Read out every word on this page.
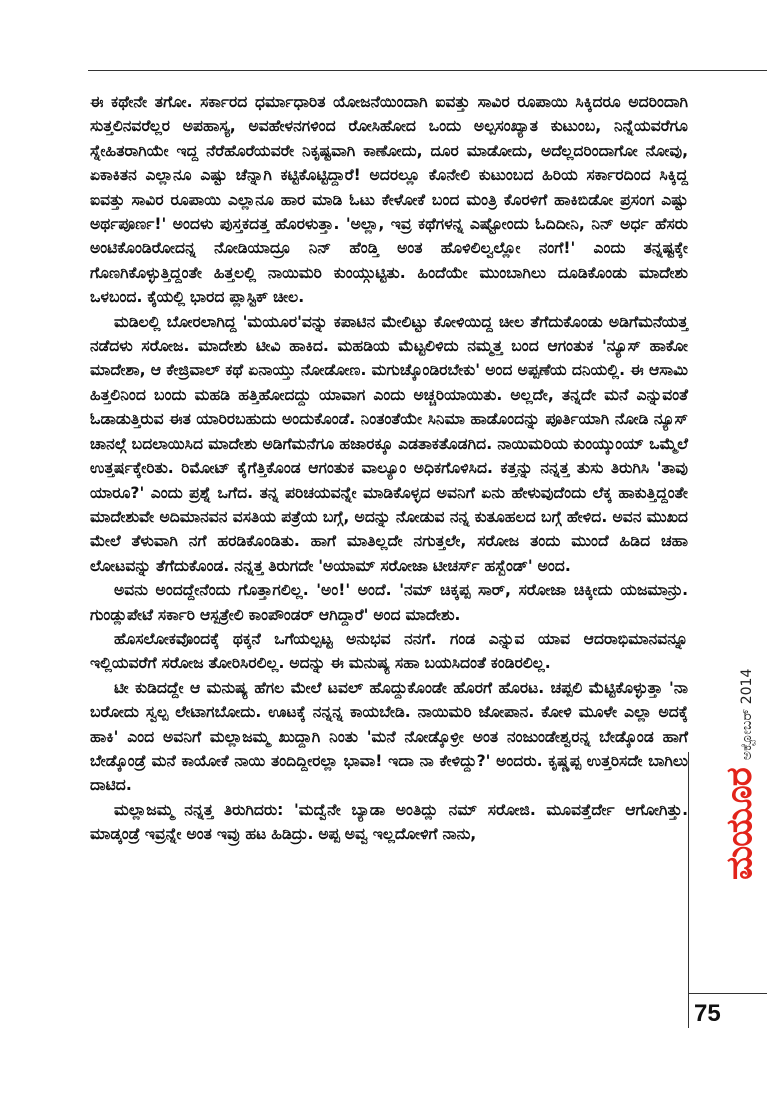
ಈ ಕಥೇನೇ ತಗೋ. ಸರ್ಕಾರದ ಧರ್ಮಾಧಾರಿತ ಯೋಜನೆಯಿಂದಾಗಿ ಐವತ್ತು ಸಾವಿರ ರೂಪಾಯಿ ಸಿಕ್ಕಿದರೂ ಅದರಿಂದಾಗಿ ಸುತ್ತಲಿನವರೆಲ್ಲರ ಅಪಹಾಸ್ಯ, ಅವಹೇಳನಗಳಿಂದ ರೋಸಿಹೋದ ಒಂದು ಅಲ್ಪಸಂಖ್ಯಾತ ಕುಟುಂಬ, ನಿನ್ನೆಯವರೆಗೂ ಸ್ನೇಹಿತರಾಗಿಯೇ ಇದ್ದ ನೆರೆಹೊರೆಯವರೇ ನಿಕೃಷ್ಟವಾಗಿ ಕಾಣೋದು, ದೂರ ಮಾಡೋದು, ಅದೆಲ್ಲದರಿಂದಾಗೋ ನೋವು, ಏಕಾಕಿತನ ಎಲ್ಲಾನೂ ಎಷ್ಟು ಚೆನ್ನಾಗಿ ಕಟ್ಟಿಕೊಟ್ಟಿದ್ದಾರೆ! ಅದರಲ್ಲೂ ಕೊನೇಲಿ ಕುಟುಂಬದ ಹಿರಿಯ ಸರ್ಕಾರದಿಂದ ಸಿಕ್ಕಿದ್ದ ಐವತ್ತು ಸಾವಿರ ರೂಪಾಯಿ ಎಲ್ಲಾನೂ ಹಾರ ಮಾಡಿ ಓಟು ಕೇಳೋಕೆ ಬಂದ ಮಂತ್ರಿ ಕೊರಳಿಗೆ ಹಾಕಿಬಿಡೋ ಪ್ರಸಂಗ ಎಷ್ಟು ಅರ್ಥಪೂರ್ಣ!' ಅಂದಳು ಪುಸ್ತಕದತ್ತ ಹೊರಳುತ್ತಾ. 'ಅಲ್ಲಾ, ಇವ್ರ ಕಥೆಗಳನ್ನ ಎಷ್ಟೋಂದು ಓದಿದೀನಿ, ನಿನ್ ಅರ್ಧ ಹೆಸರು ಅಂಟಿಕೊಂಡಿರೋದನ್ನ ನೋಡಿಯಾದ್ರೂ ನಿನ್ ಹೆಂಡ್ತಿ ಅಂತ ಹೊಳಿಲಿಲ್ವಲ್ಲೋ ನಂಗೆ!' ಎಂದು ತನ್ನಷ್ಟಕ್ಕೇ ಗೊಣಗಿಕೊಳ್ಳುತ್ತಿದ್ದಂತೇ ಹಿತ್ತಲಲ್ಲಿ ನಾಯಿಮರಿ ಕುಂಯ್ಗುಟ್ಟಿತು. ಹಿಂದೆಯೇ ಮುಂಬಾಗಿಲು ದೂಡಿಕೊಂಡು ಮಾದೇಶು ಒಳಬಂದ. ಕೈಯಲ್ಲಿ ಭಾರದ ಪ್ಲಾಸ್ಟಿಕ್ ಚೀಲ.

ಮಡಿಲಲ್ಲಿ ಬೋರಲಾಗಿದ್ದ 'ಮಯೂರ'ವನ್ನು ಕಪಾಟಿನ ಮೇಲಿಟ್ಟು ಕೋಳಿಯಿದ್ದ ಚೀಲ ತೆಗೆದುಕೊಂಡು ಅಡಿಗೆಮನೆಯತ್ತ ನಡೆದಳು ಸರೋಜ. ಮಾದೇಶು ಟೀವಿ ಹಾಕಿದ. ಮಹಡಿಯ ಮೆಟ್ಟಲಿಳಿದು ನಮ್ಮತ್ತ ಬಂದ ಆಗಂತುಕ 'ನ್ಯೂಸ್ ಹಾಕೋ ಮಾದೇಶಾ, ಆ ಕೇಜ್ರಿವಾಲ್ ಕಥೆ ಏನಾಯ್ತು ನೋಡೋಣ. ಮಗುಚ್ಕೊಂಡಿರಬೇಕು' ಅಂದ ಅಪ್ಪಣೆಯ ದನಿಯಲ್ಲಿ. ಈ ಆಸಾಮಿ ಹಿತ್ತಲಿನಿಂದ ಬಂದು ಮಹಡಿ ಹತ್ತಿಹೋದದ್ದು ಯಾವಾಗ ಎಂದು ಅಚ್ಚರಿಯಾಯಿತು. ಅಲ್ಲದೇ, ತನ್ನದೇ ಮನೆ ಎನ್ನುವಂತೆ ಓಡಾಡುತ್ತಿರುವ ಈತ ಯಾರಿರಬಹುದು ಅಂದುಕೊಂಡೆ. ನಿಂತಂತೆಯೇ ಸಿನಿಮಾ ಹಾಡೊಂದನ್ನು ಪೂರ್ತಿಯಾಗಿ ನೋಡಿ ನ್ಯೂಸ್ ಚಾನಲ್ಗೆ ಬದಲಾಯಿಸಿದ ಮಾದೇಶು ಅಡಿಗೆಮನೆಗೂ ಹಜಾರಕ್ಕೂ ಎಡತಾಕತೊಡಗಿದ. ನಾಯಿಮರಿಯ ಕುಂಯ್ಕುಂಯ್ ಒಮ್ಮೆಲೆ ಉತ್ತರ್ಷಕ್ಕೇರಿತು. ರಿಮೋಟ್ ಕೈಗೆತ್ತಿಕೊಂಡ ಆಗಂತುಕ ವಾಲ್ಯೂಂ ಅಧಿಕಗೊಳಿಸಿದ. ಕತ್ತನ್ನು ನನ್ನತ್ತ ತುಸು ತಿರುಗಿಸಿ 'ತಾವು ಯಾರೂ?' ಎಂದು ಪ್ರಶ್ನೆ ಒಗೆದ. ತನ್ನ ಪರಿಚಯವನ್ನೇ ಮಾಡಿಕೊಳ್ಳದ ಅವನಿಗೆ ಏನು ಹೇಳುವುದೆಂದು ಲೆಕ್ಕ ಹಾಕುತ್ತಿದ್ದಂತೇ ಮಾದೇಶುವೇ ಅದಿಮಾನವನ ವಸತಿಯ ಪತ್ರೆಯ ಬಗ್ಗೆ, ಅದನ್ನು ನೋಡುವ ನನ್ನ ಕುತೂಹಲದ ಬಗ್ಗೆ ಹೇಳಿದ. ಅವನ ಮುಖದ ಮೇಲೆ ತೆಳುವಾಗಿ ನಗೆ ಹರಡಿಕೊಂಡಿತು. ಹಾಗೆ ಮಾತಿಲ್ಲದೇ ನಗುತ್ತಲೇ, ಸರೋಜ ತಂದು ಮುಂದೆ ಹಿಡಿದ ಚಹಾ ಲೋಟವನ್ನು ತೆಗೆದುಕೊಂಡ. ನನ್ನತ್ತ ತಿರುಗದೇ 'ಅಯಾಮ್ ಸರೋಜಾ ಟೀಚರ್ಸ್ ಹಸ್ಬೆಂಡ್' ಅಂದ.

ಅವನು ಅಂದದ್ದೇನೆಂದು ಗೊತ್ತಾಗಲಿಲ್ಲ. 'ಅಂ!' ಅಂದೆ. 'ನಮ್ ಚಿಕ್ಕಪ್ಪ ಸಾರ್, ಸರೋಜಾ ಚಿಕ್ಕೀದು ಯಜಮಾನ್ರು. ಗುಂಡ್ಲುಪೇಟೆ ಸರ್ಕಾರಿ ಆಸ್ಪತ್ರೇಲಿ ಕಾಂಪೌಂಡರ್ ಆಗಿದ್ದಾರೆ' ಅಂದ ಮಾದೇಶು.

ಹೊಸಲೋಕವೊಂದಕ್ಕೆ ಥಕ್ಕನೆ ಒಗೆಯಲ್ಪಟ್ಟ ಅನುಭವ ನನಗೆ. ಗಂಡ ಎನ್ನುವ ಯಾವ ಆದರಾಭಿಮಾನವನ್ನೂ ಇಲ್ಲಿಯವರೆಗೆ ಸರೋಜ ತೋರಿಸಿರಲಿಲ್ಲ. ಅದನ್ನು ಈ ಮನುಷ್ಯ ಸಹಾ ಬಯಸಿದಂತೆ ಕಂಡಿರಲಿಲ್ಲ.

ಟೀ ಕುಡಿದದ್ದೇ ಆ ಮನುಷ್ಯ ಹೆಗಲ ಮೇಲೆ ಟವಲ್ ಹೊದ್ದುಕೊಂಡೇ ಹೊರಗೆ ಹೊರಟ. ಚಪ್ಪಲಿ ಮೆಟ್ಟಿಕೊಳ್ಳುತ್ತಾ 'ನಾ ಬರೋದು ಸ್ವಲ್ಪ ಲೇಟಾಗಬೋದು. ಊಟಕ್ಕೆ ನನ್ನನ್ನ ಕಾಯಬೇಡಿ. ನಾಯಿಮರಿ ಜೋಪಾನ. ಕೋಳಿ ಮೂಳೇ ಎಲ್ಲಾ ಅದಕ್ಕೆ ಹಾಕಿ' ಎಂದ ಅವನಿಗೆ ಮಲ್ಲಾಜಮ್ಮ ಖುದ್ದಾಗಿ ನಿಂತು 'ಮನೆ ನೋಡ್ಕೊಳ್ರೀ ಅಂತ ನಂಜುಂಡೇಶ್ವರನ್ನ ಬೇಡ್ಕೊಂಡ ಹಾಗೆ ಬೇಡ್ಕೊಂಡ್ರೆ ಮನೆ ಕಾಯೋಕೆ ನಾಯಿ ತಂದಿದ್ದೀರಲ್ಲಾ ಭಾವಾ! ಇದಾ ನಾ ಕೇಳಿದ್ದು?' ಅಂದರು. ಕೃಷ್ಣಪ್ಪ ಉತ್ತರಿಸದೇ ಬಾಗಿಲು ದಾಟಿದ.

ಮಲ್ಲಾಜಮ್ಮ ನನ್ನತ್ತ ತಿರುಗಿದರು: 'ಮದ್ವೆನೇ ಬ್ಯಾಡಾ ಅಂತಿದ್ಲು ನಮ್ ಸರೋಜಿ. ಮೂವತ್ತೆರ್ದೇ ಆಗೋಗಿತ್ತು. ಮಾಡ್ಕಂಡ್ರೆ ಇವ್ರನ್ನೇ ಅಂತ ಇವ್ರು ಹಟ ಹಿಡಿದ್ರು. ಅಪ್ಪ ಅವ್ವ ಇಲ್ಲದೋಳಿಗೆ ನಾನು,	ಮಯೂರ
ಅಕ್ಟೋಬರ್ 2014
75
